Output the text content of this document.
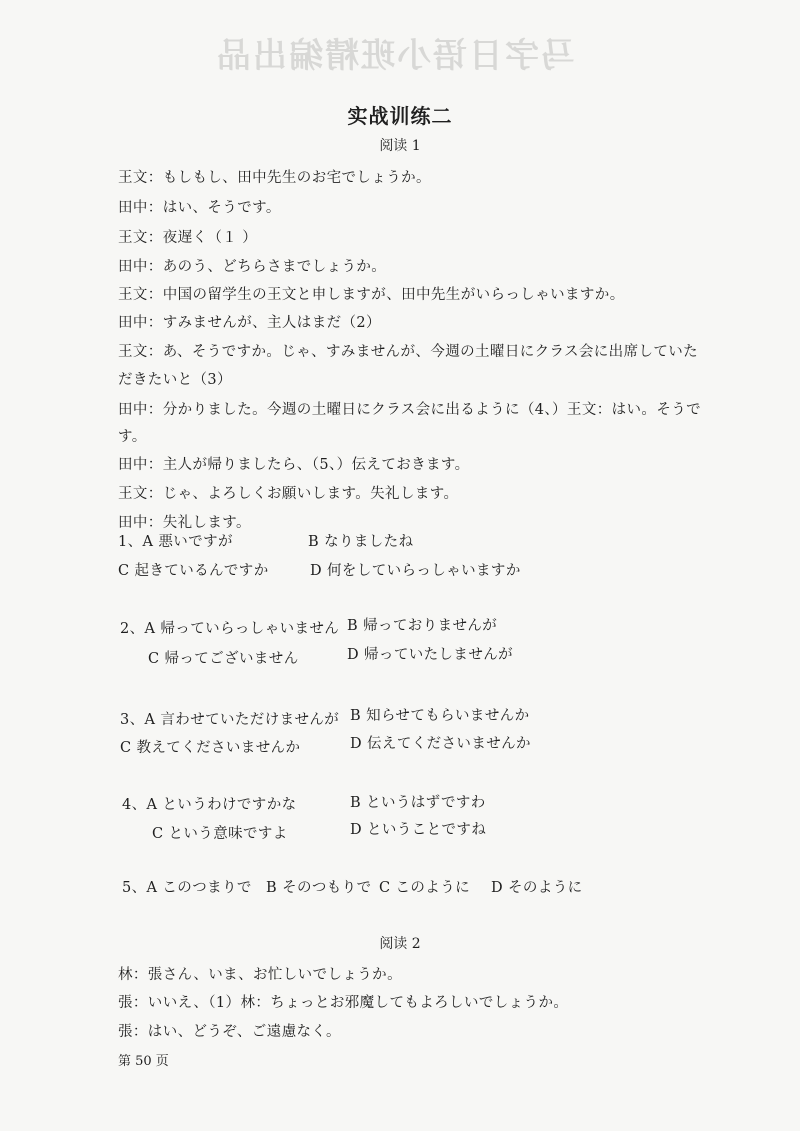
马字日语小班精编出品
实战训练二
阅读 1
王文：もしもし、田中先生のお宅でしょうか。
田中：はい、そうです。
王文：夜遅く（１ ）
田中：あのう、どちらさまでしょうか。
王文：中国の留学生の王文と申しますが、田中先生がいらっしゃいますか。
田中：すみませんが、主人はまだ（2）
王文：あ、そうですか。じゃ、すみませんが、今週の土曜日にクラス会に出席していた
だきたいと（3）
田中：分かりました。今週の土曜日にクラス会に出るように（4、）王文：はい。そうで
す。
田中：主人が帰りましたら、（5、）伝えておきます。
王文：じゃ、よろしくお願いします。失礼します。
田中：失礼します。
1、A 悪いですが	B なりましたね
C 起きているんですか	D 何をしていらっしゃいますか
2、A 帰っていらっしゃいません B 帰っておりませんが
C 帰ってございません	D 帰っていたしませんが
3、A 言わせていただけませんが B 知らせてもらいませんか
C 教えてくださいませんか	D 伝えてくださいませんか
4、A というわけですかな	B というはずですわ
C という意味ですよ	D ということですね
5、A このつまりで B そのつもりで C このように D そのように
阅读 2
林：張さん、いま、お忙しいでしょうか。
張：いいえ、（1）林：ちょっとお邪魔してもよろしいでしょうか。
張：はい、どうぞ、ご遠慮なく。
第 50 页
